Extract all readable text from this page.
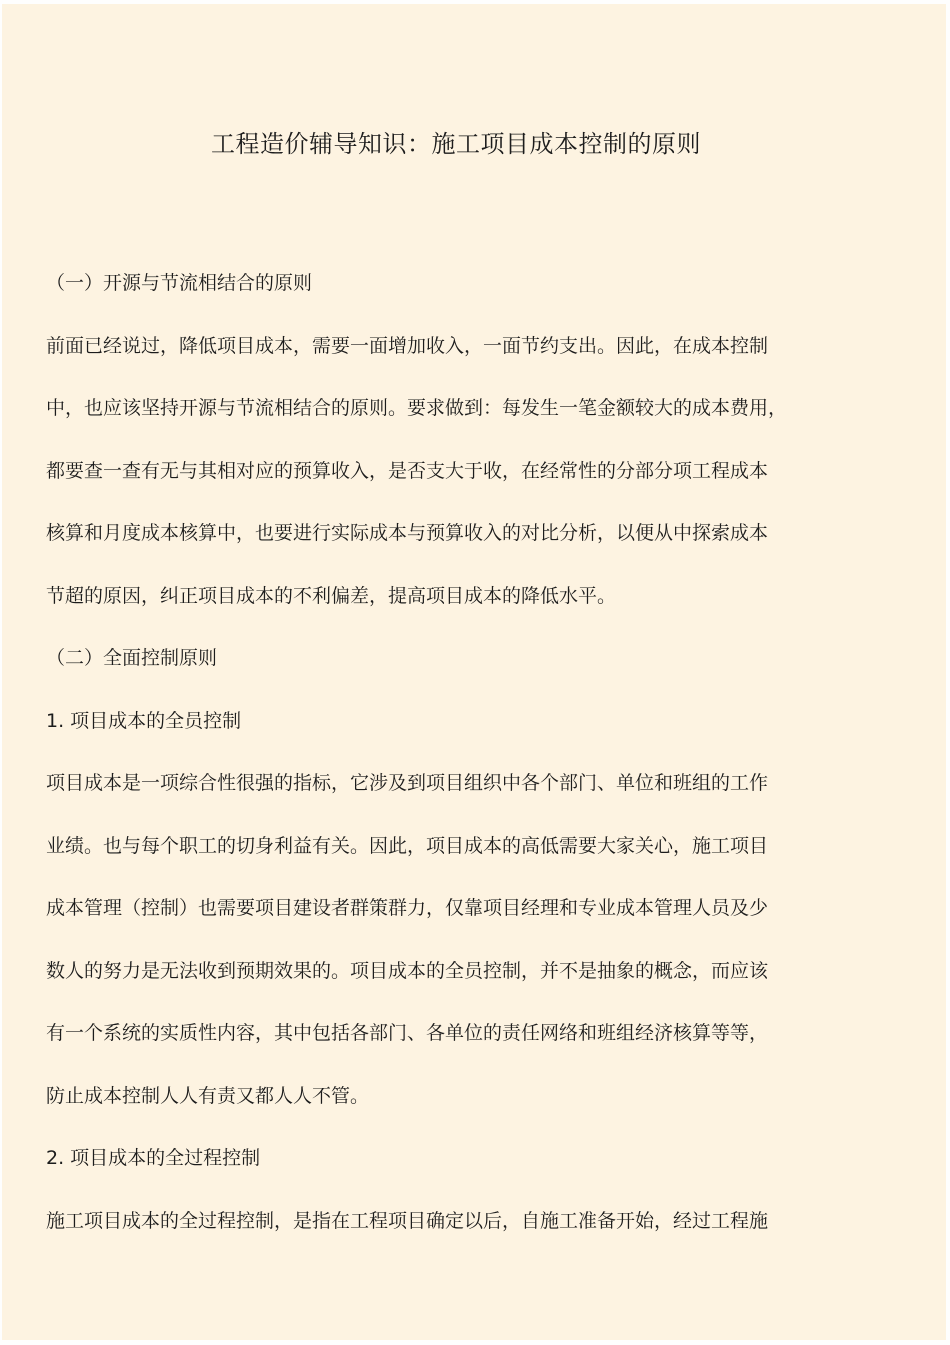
工程造价辅导知识：施工项目成本控制的原则

（一）开源与节流相结合的原则

前面已经说过，降低项目成本，需要一面增加收入，一面节约支出。因此，在成本控制

中，也应该坚持开源与节流相结合的原则。要求做到：每发生一笔金额较大的成本费用，

都要查一查有无与其相对应的预算收入，是否支大于收，在经常性的分部分项工程成本

核算和月度成本核算中，也要进行实际成本与预算收入的对比分析，以便从中探索成本

节超的原因，纠正项目成本的不利偏差，提高项目成本的降低水平。

（二）全面控制原则

1. 项目成本的全员控制

项目成本是一项综合性很强的指标，它涉及到项目组织中各个部门、单位和班组的工作

业绩。也与每个职工的切身利益有关。因此，项目成本的高低需要大家关心，施工项目

成本管理（控制）也需要项目建设者群策群力，仅靠项目经理和专业成本管理人员及少

数人的努力是无法收到预期效果的。项目成本的全员控制，并不是抽象的概念，而应该

有一个系统的实质性内容，其中包括各部门、各单位的责任网络和班组经济核算等等，

防止成本控制人人有责又都人人不管。

2. 项目成本的全过程控制

施工项目成本的全过程控制，是指在工程项目确定以后，自施工准备开始，经过工程施
